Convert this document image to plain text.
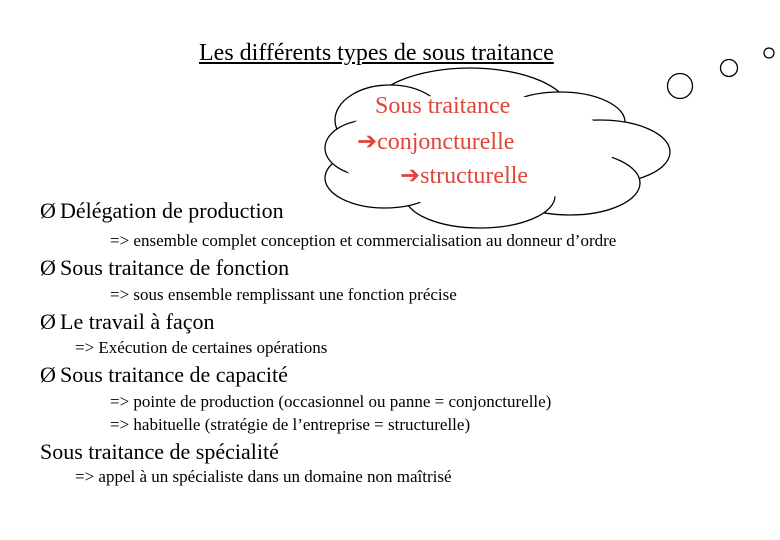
Les différents types de sous traitance
Sous traitance
➔conjoncturelle
➔structurelle
Ø Délégation de production
=> ensemble complet conception et commercialisation au donneur d’ordre
Ø Sous traitance de fonction
=> sous ensemble remplissant une fonction précise
Ø Le travail à façon
=> Exécution de certaines opérations
Ø Sous traitance de capacité
=> pointe de production (occasionnel ou panne = conjoncturelle)
=> habituelle (stratégie de l’entreprise = structurelle)
Sous traitance de spécialité
=> appel à un spécialiste dans un domaine non maîtrisé
